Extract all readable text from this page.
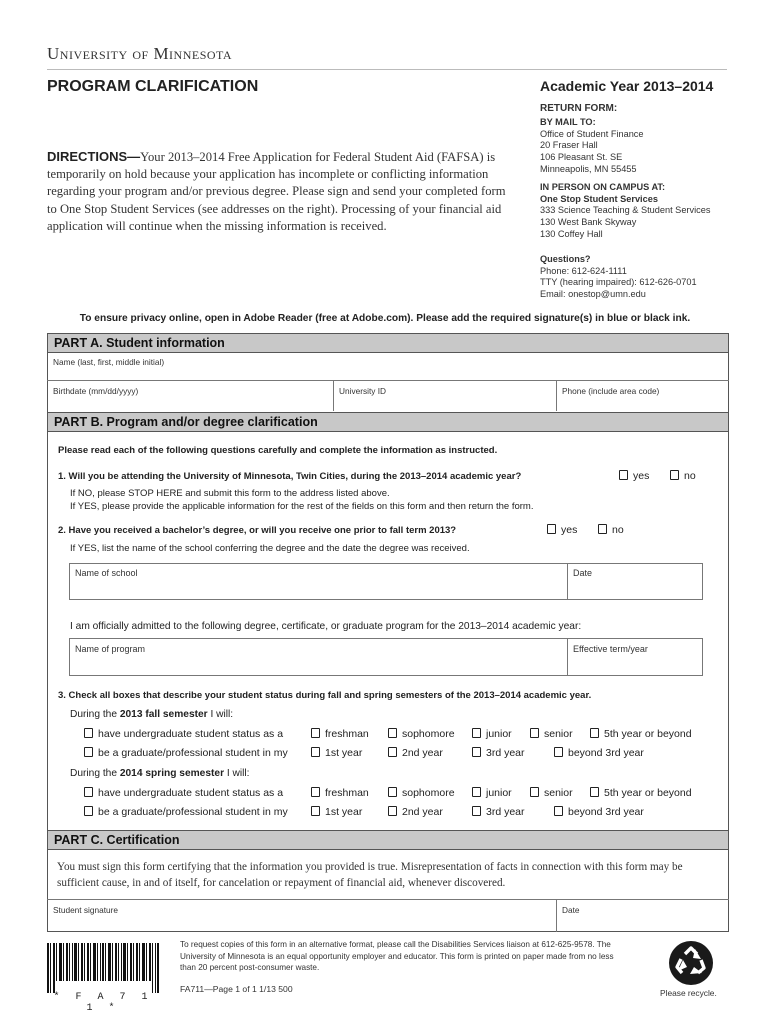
University of Minnesota
PROGRAM CLARIFICATION	Academic Year 2013–2014
RETURN FORM:
BY MAIL TO:
Office of Student Finance
20 Fraser Hall
106 Pleasant St. SE
Minneapolis, MN 55455
IN PERSON ON CAMPUS AT:
One Stop Student Services
333 Science Teaching & Student Services
130 West Bank Skyway
130 Coffey Hall
Questions?
Phone: 612-624-1111
TTY (hearing impaired): 612-626-0701
Email: onestop@umn.edu
DIRECTIONS—Your 2013–2014 Free Application for Federal Student Aid (FAFSA) is temporarily on hold because your application has incomplete or conflicting information regarding your program and/or previous degree. Please sign and send your completed form to One Stop Student Services (see addresses on the right). Processing of your financial aid application will continue when the missing information is received.
To ensure privacy online, open in Adobe Reader (free at Adobe.com). Please add the required signature(s) in blue or black ink.
PART A. Student information
Name (last, first, middle initial)
Birthdate (mm/dd/yyyy)	University ID	Phone (include area code)
PART B. Program and/or degree clarification
Please read each of the following questions carefully and complete the information as instructed.
1. Will you be attending the University of Minnesota, Twin Cities, during the 2013–2014 academic year?	yes	no
If NO, please STOP HERE and submit this form to the address listed above.
If YES, please provide the applicable information for the rest of the fields on this form and then return the form.
2. Have you received a bachelor’s degree, or will you receive one prior to fall term 2013?	yes	no
If YES, list the name of the school conferring the degree and the date the degree was received.
Name of school	Date
I am officially admitted to the following degree, certificate, or graduate program for the 2013–2014 academic year:
Name of program	Effective term/year
3. Check all boxes that describe your student status during fall and spring semesters of the 2013–2014 academic year.
During the 2013 fall semester I will:
have undergraduate student status as a	freshman	sophomore	junior	senior	5th year or beyond
be a graduate/professional student in my	1st year	2nd year	3rd year	beyond 3rd year
During the 2014 spring semester I will:
have undergraduate student status as a	freshman	sophomore	junior	senior	5th year or beyond
be a graduate/professional student in my	1st year	2nd year	3rd year	beyond 3rd year
PART C. Certification
You must sign this form certifying that the information you provided is true. Misrepresentation of facts in connection with this form may be sufficient cause, in and of itself, for cancelation or repayment of financial aid, whenever discovered.
Student signature	Date
* F A 7 1 1 *
To request copies of this form in an alternative format, please call the Disabilities Services liaison at 612-625-9578. The University of Minnesota is an equal opportunity employer and educator. This form is printed on paper made from no less than 20 percent post-consumer waste.
FA711—Page 1 of 1 1/13 500	Please recycle.
